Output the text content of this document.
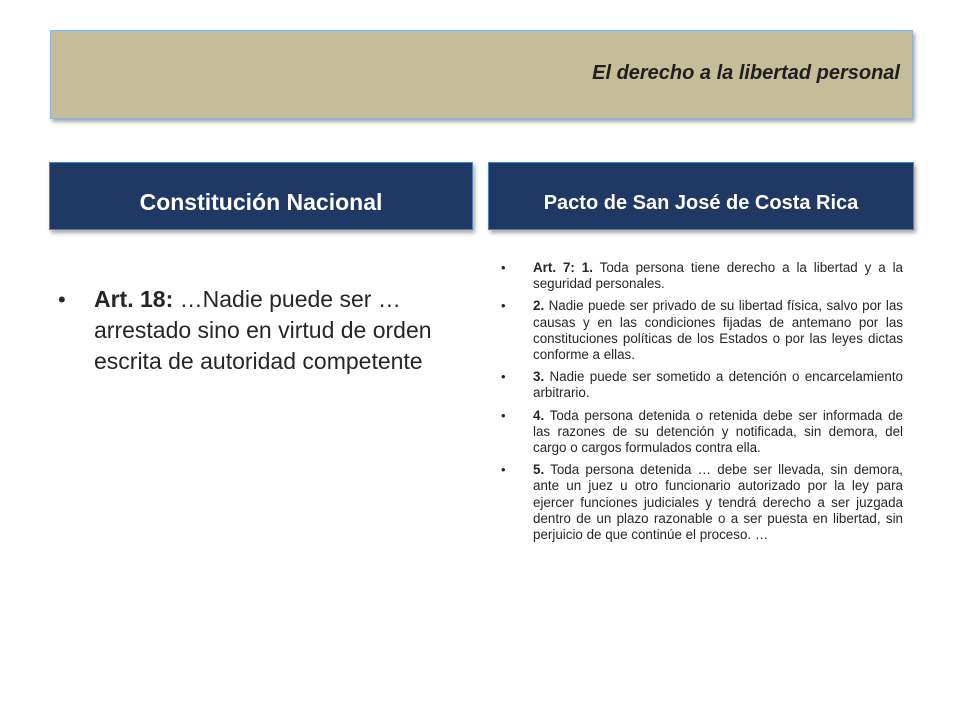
El derecho a la libertad personal
Constitución Nacional	Pacto de San José de Costa Rica
• Art. 18: …Nadie puede ser … arrestado sino en virtud de orden escrita de autoridad competente
• Art. 7: 1. Toda persona tiene derecho a la libertad y a la seguridad personales.
• 2. Nadie puede ser privado de su libertad física, salvo por las causas y en las condiciones fijadas de antemano por las constituciones políticas de los Estados o por las leyes dictas conforme a ellas.
• 3. Nadie puede ser sometido a detención o encarcelamiento arbitrario.
• 4. Toda persona detenida o retenida debe ser informada de las razones de su detención y notificada, sin demora, del cargo o cargos formulados contra ella.
• 5. Toda persona detenida … debe ser llevada, sin demora, ante un juez u otro funcionario autorizado por la ley para ejercer funciones judiciales y tendrá derecho a ser juzgada dentro de un plazo razonable o a ser puesta en libertad, sin perjuicio de que continúe el proceso. …
